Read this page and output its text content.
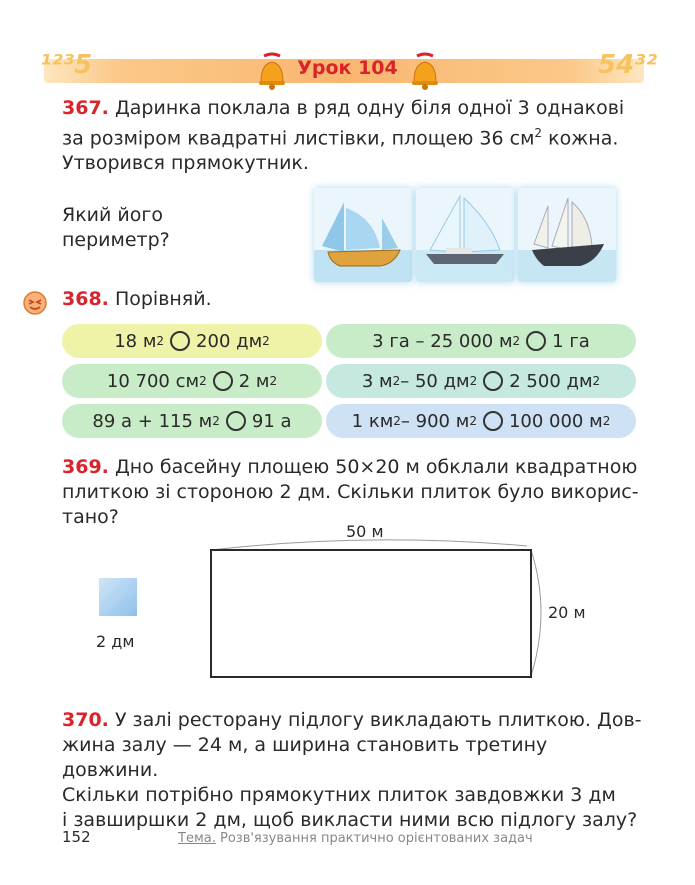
¹²³5	54³²
Урок 104
367. Даринка поклала в ряд одну біля одної 3 однакові
за розміром квадратні листівки, площею 36 $см^2$ кожна.
Утворився прямокутник.
Який його
периметр?
368. Порівняй.
18 м 2 200 дм 2	3 га – 25 000 м 2 1 га
10 700 см 2 2 м 2	3 м 2 – 50 дм 2 2 500 дм 2
89 а + 115 м 2 91 а	1 км 2 – 900 м 2 100 000 м 2
369. Дно басейну площею 50×20 м обклали квадратною
плиткою зі стороною 2 дм. Скільки плиток було викорис-
тано?
50 м
20 м
2 дм
370. У залі ресторану підлогу викладають плиткою. Дов-
жина залу — 24 м, а ширина становить третину довжини.
Скільки потрібно прямокутних плиток завдовжки 3 дм
і завширшки 2 дм, щоб викласти ними всю підлогу залу?
152	Тема. Розв'язування практично орієнтованих задач
